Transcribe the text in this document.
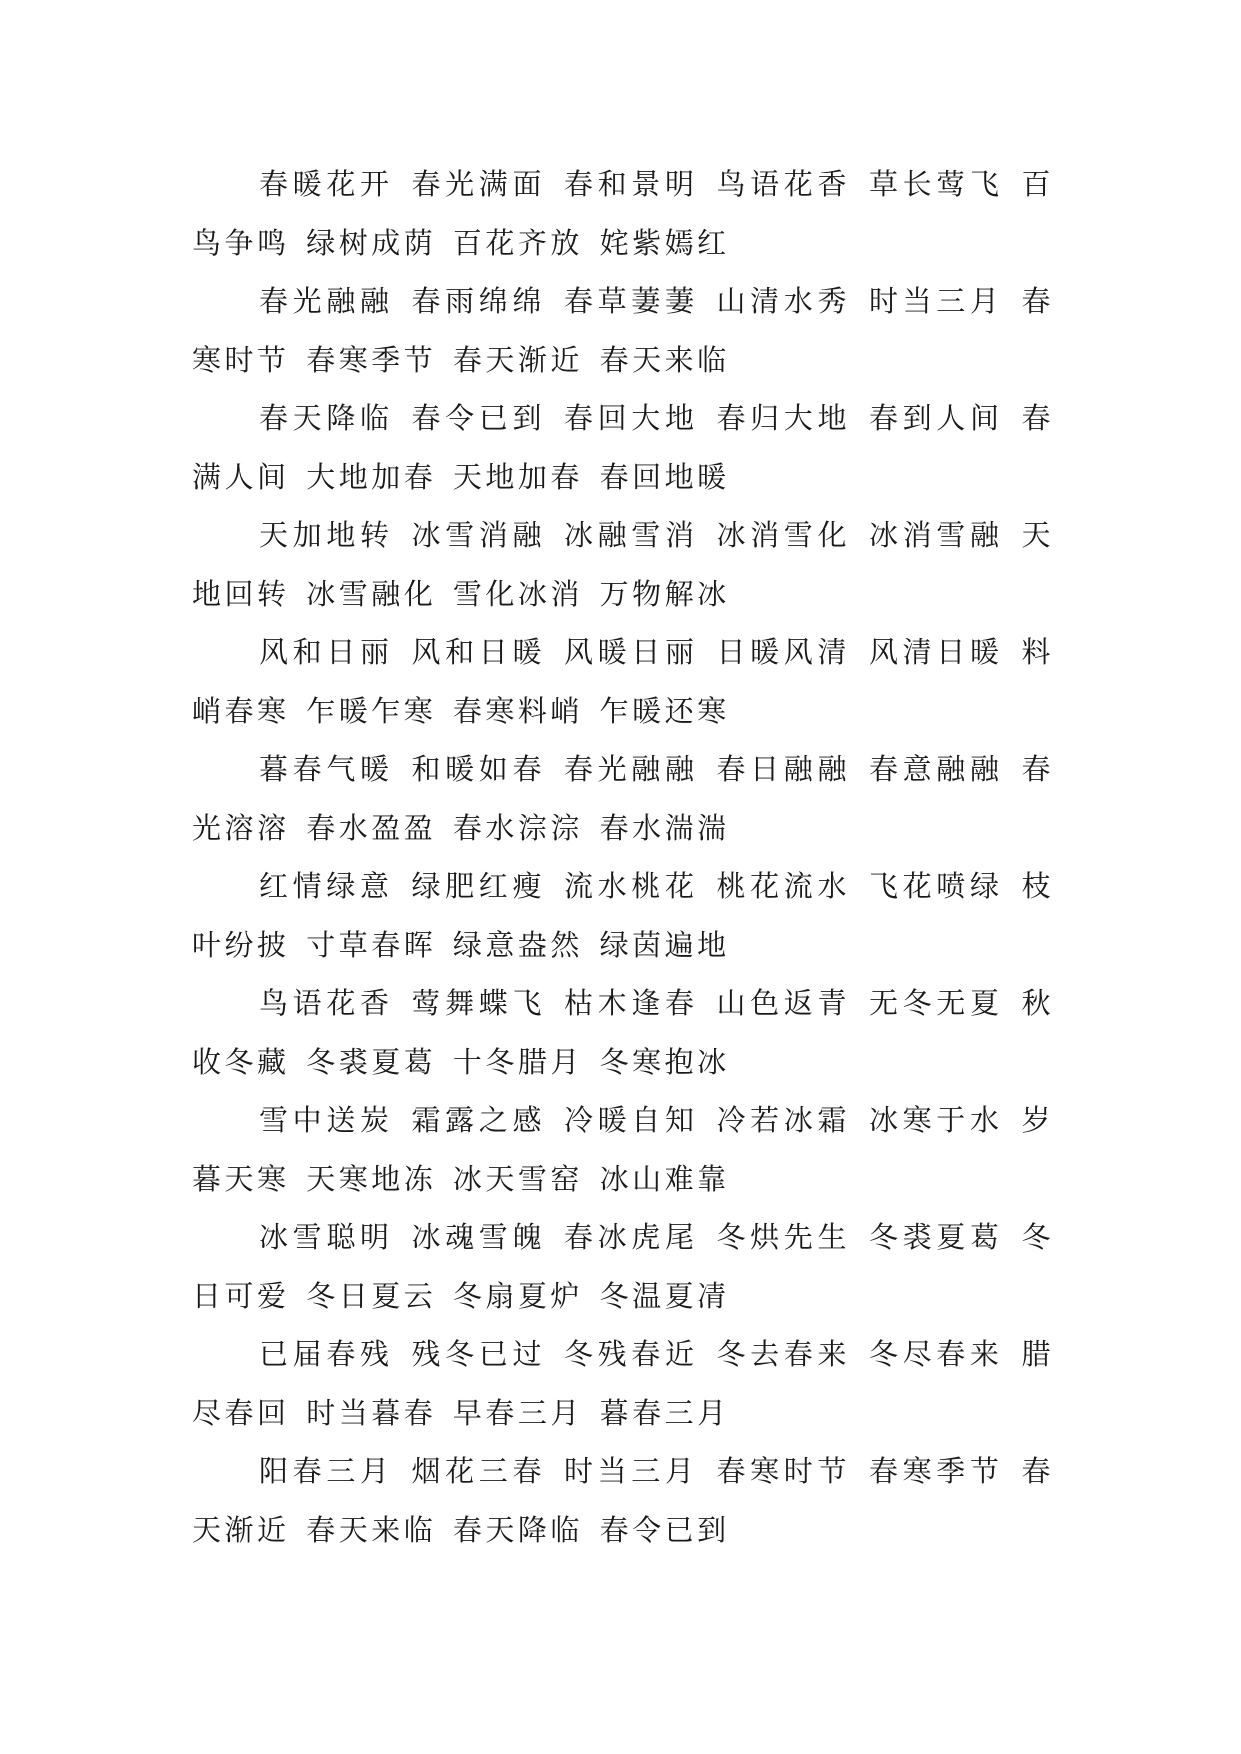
春暖花开 春光满面 春和景明 鸟语花香 草长莺飞 百鸟争鸣 绿树成荫 百花齐放 姹紫嫣红

春光融融 春雨绵绵 春草萋萋 山清水秀 时当三月 春寒时节 春寒季节 春天渐近 春天来临

春天降临 春令已到 春回大地 春归大地 春到人间 春满人间 大地加春 天地加春 春回地暖

天加地转 冰雪消融 冰融雪消 冰消雪化 冰消雪融 天地回转 冰雪融化 雪化冰消 万物解冰

风和日丽 风和日暖 风暖日丽 日暖风清 风清日暖 料峭春寒 乍暖乍寒 春寒料峭 乍暖还寒

暮春气暖 和暖如春 春光融融 春日融融 春意融融 春光溶溶 春水盈盈 春水淙淙 春水湍湍

红情绿意 绿肥红瘦 流水桃花 桃花流水 飞花喷绿 枝叶纷披 寸草春晖 绿意盎然 绿茵遍地

鸟语花香 莺舞蝶飞 枯木逢春 山色返青 无冬无夏 秋收冬藏 冬裘夏葛 十冬腊月 冬寒抱冰

雪中送炭 霜露之感 冷暖自知 冷若冰霜 冰寒于水 岁暮天寒 天寒地冻 冰天雪窑 冰山难靠

冰雪聪明 冰魂雪魄 春冰虎尾 冬烘先生 冬裘夏葛 冬日可爱 冬日夏云 冬扇夏炉 冬温夏凊

已届春残 残冬已过 冬残春近 冬去春来 冬尽春来 腊尽春回 时当暮春 早春三月 暮春三月

阳春三月 烟花三春 时当三月 春寒时节 春寒季节 春天渐近 春天来临 春天降临 春令已到
